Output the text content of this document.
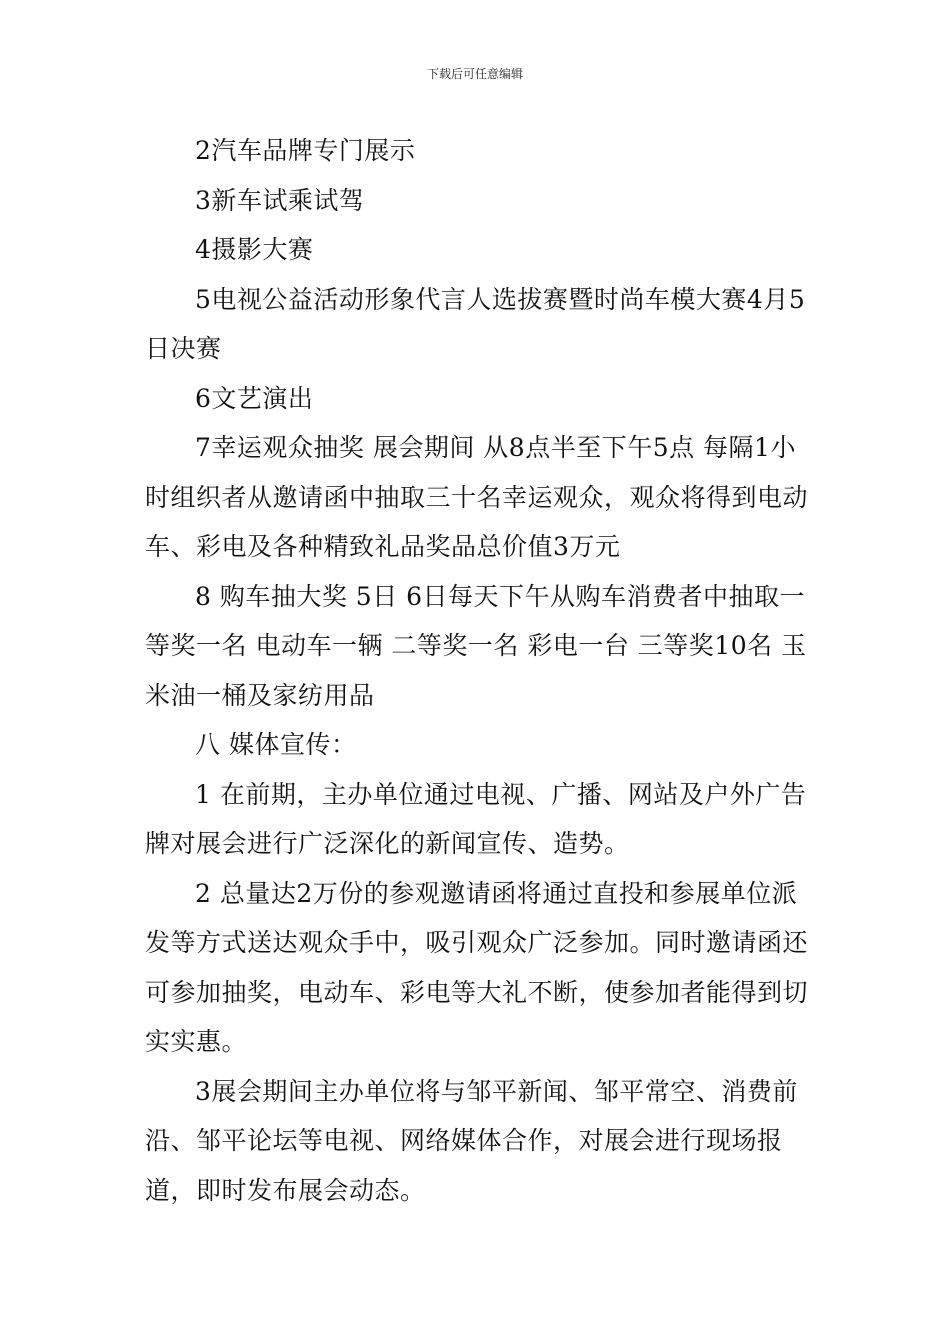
下载后可任意编辑

2汽车品牌专门展示

3新车试乘试驾

4摄影大赛

5电视公益活动形象代言人选拔赛暨时尚车模大赛4月5日决赛

6文艺演出

7幸运观众抽奖 展会期间 从8点半至下午5点 每隔1小时组织者从邀请函中抽取三十名幸运观众，观众将得到电动车、彩电及各种精致礼品奖品总价值3万元

8 购车抽大奖 5日 6日每天下午从购车消费者中抽取一等奖一名 电动车一辆 二等奖一名 彩电一台 三等奖10名 玉米油一桶及家纺用品

八 媒体宣传：

1 在前期，主办单位通过电视、广播、网站及户外广告牌对展会进行广泛深化的新闻宣传、造势。

2 总量达2万份的参观邀请函将通过直投和参展单位派发等方式送达观众手中，吸引观众广泛参加。同时邀请函还可参加抽奖，电动车、彩电等大礼不断，使参加者能得到切实实惠。

3展会期间主办单位将与邹平新闻、邹平常空、消费前沿、邹平论坛等电视、网络媒体合作，对展会进行现场报道，即时发布展会动态。
